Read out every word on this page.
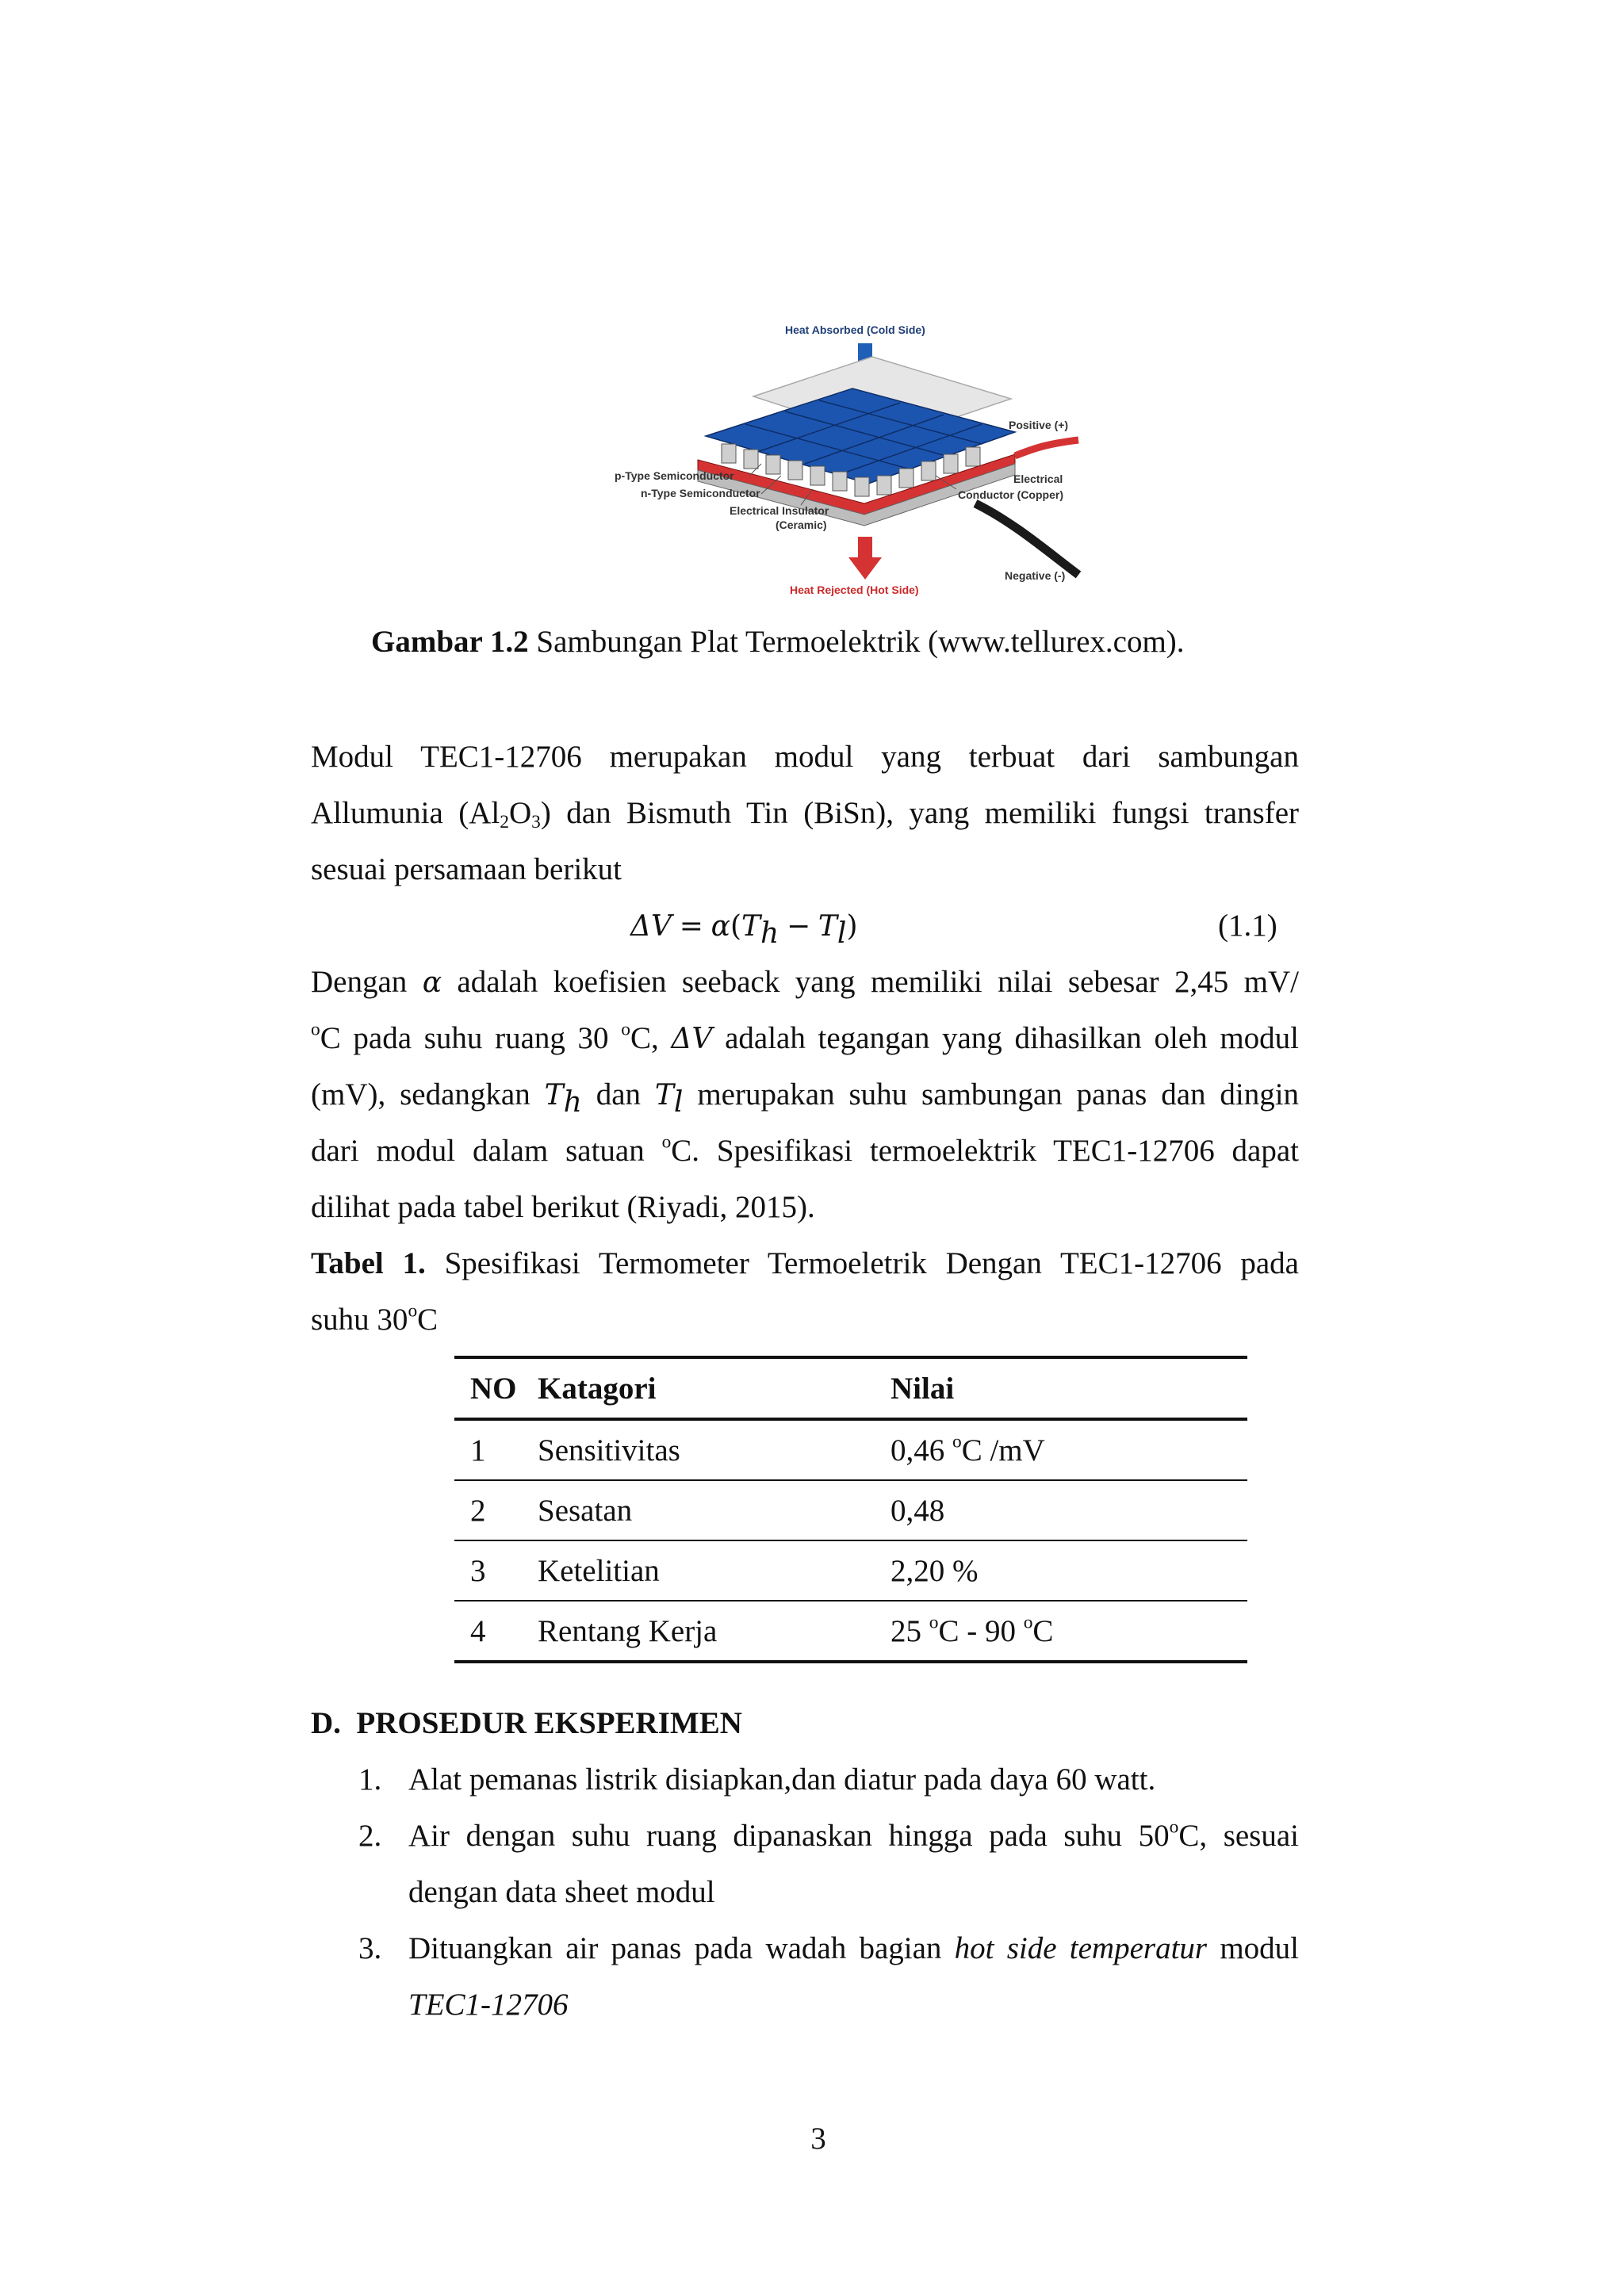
Heat Absorbed (Cold Side)
Positive (+)
p-Type Semiconductor
n-Type Semiconductor
Electrical Insulator
(Ceramic)
Electrical
Conductor (Copper)
Negative (-)
Heat Rejected (Hot Side)
Gambar 1.2 Sambungan Plat Termoelektrik (www.tellurex.com).
Modul TEC1-12706 merupakan modul yang terbuat dari sambungan
Allumunia $(Al_2O_3)$ dan Bismuth Tin (BiSn), yang memiliki fungsi transfer
sesuai persamaan berikut
$\Delta V = \alpha(T_h - T_l)$	(1.1)
Dengan α adalah koefisien seeback yang memiliki nilai sebesar 2,45 mV/
$^o$C pada suhu ruang 30 $^o$C, ΔV adalah tegangan yang dihasilkan oleh modul
(mV), sedangkan $T_h$ dan $T_l$ merupakan suhu sambungan panas dan dingin
dari modul dalam satuan $^o$C. Spesifikasi termoelektrik TEC1-12706 dapat
dilihat pada tabel berikut (Riyadi, 2015).
Tabel 1. Spesifikasi Termometer Termoeletrik Dengan TEC1-12706 pada
suhu 30$^o$C
	NO	Katagori	Nilai
	1	Sensitivitas	0,46 $^o$C /mV
	2	Sesatan	0,48
	3	Ketelitian	2,20 %
	4	Rentang Kerja	25 $^o$C - 90 $^o$C
D.  PROSEDUR EKSPERIMEN
1. Alat pemanas listrik disiapkan,dan diatur pada daya 60 watt.
2. Air dengan suhu ruang dipanaskan hingga pada suhu 50$^o$C, sesuai
dengan data sheet modul
3. Dituangkan air panas pada wadah bagian hot side temperatur modul
TEC1-12706
3
